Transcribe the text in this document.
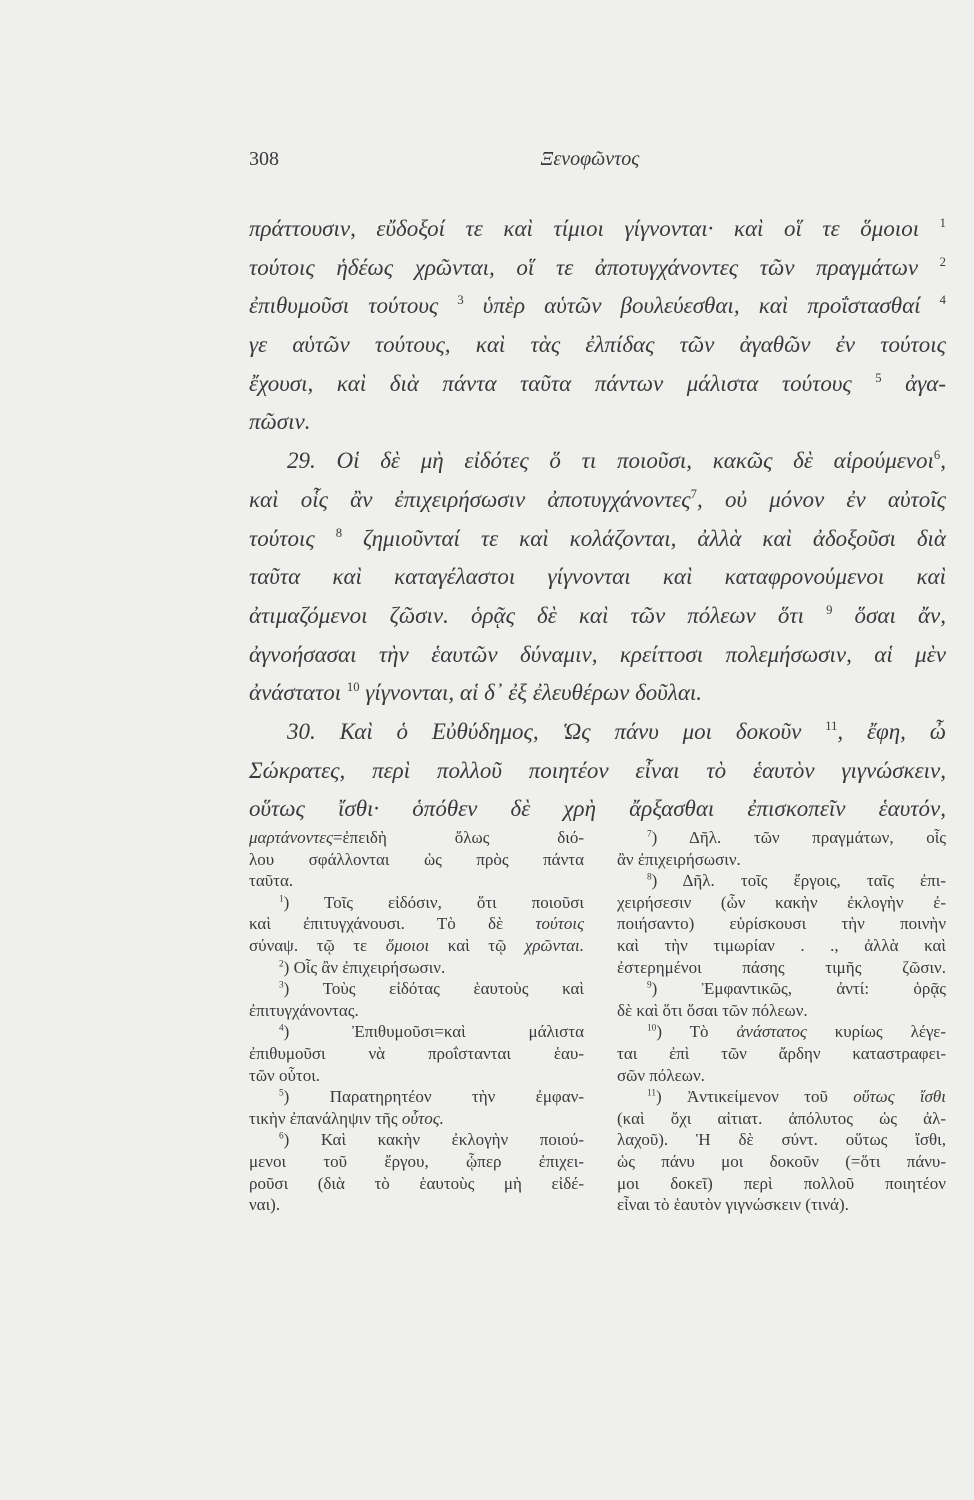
308	Ξενοφῶντος
πράττουσιν, εὔδοξοί τε καὶ τίμιοι γίγνονται· καὶ οἵ τε ὅμοιοι $^1$
τούτοις ἡδέως χρῶνται, οἵ τε ἀποτυγχάνοντες τῶν πραγμάτων $^2$
ἐπιθυμοῦσι τούτους $^3$ ὑπὲρ αὑτῶν βουλεύεσθαι, καὶ προΐστασθαί $^4$
γε αὑτῶν τούτους, καὶ τὰς ἐλπίδας τῶν ἀγαθῶν ἐν τούτοις
ἔχουσι, καὶ διὰ πάντα ταῦτα πάντων μάλιστα τούτους $^5$ ἀγα-
πῶσιν.
29. Οἱ δὲ μὴ εἰδότες ὅ τι ποιοῦσι, κακῶς δὲ αἱρούμενοι$^6$,
καὶ οἷς ἂν ἐπιχειρήσωσιν ἀποτυγχάνοντες$^7$, οὐ μόνον ἐν αὐτοῖς
τούτοις $^8$ ζημιοῦνταί τε καὶ κολάζονται, ἀλλὰ καὶ ἀδοξοῦσι διὰ
ταῦτα καὶ καταγέλαστοι γίγνονται καὶ καταφρονούμενοι καὶ
ἀτιμαζόμενοι ζῶσιν. ὁρᾷς δὲ καὶ τῶν πόλεων ὅτι $^9$ ὅσαι ἄν,
ἀγνοήσασαι τὴν ἑαυτῶν δύναμιν, κρείττοσι πολεμήσωσιν, αἱ μὲν
ἀνάστατοι $^{10}$ γίγνονται, αἱ δ᾽ ἐξ ἐλευθέρων δοῦλαι.
30. Καὶ ὁ Εὐθύδημος, Ὡς πάνυ μοι δοκοῦν $^{11}$, ἔφη, ὦ
Σώκρατες, περὶ πολλοῦ ποιητέον εἶναι τὸ ἑαυτὸν γιγνώσκειν,
οὕτως ἴσθι· ὁπόθεν δὲ χρὴ ἄρξασθαι ἐπισκοπεῖν ἑαυτόν,
μαρτάνοντες=ἐπειδὴ ὅλως διό-
λου σφάλλονται ὡς πρὸς πάντα
ταῦτα.
$^1$) Τοῖς εἰδόσιν, ὅτι ποιοῦσι
καὶ ἐπιτυγχάνουσι. Τὸ δὲ τούτοις
σύναψ. τῷ τε ὅμοιοι καὶ τῷ χρῶνται.
$^2$) Οἷς ἂν ἐπιχειρήσωσιν.
$^3$) Τοὺς εἰδότας ἑαυτοὺς καὶ
ἐπιτυγχάνοντας.
$^4$) Ἐπιθυμοῦσι=καὶ μάλιστα
ἐπιθυμοῦσι νὰ προΐστανται ἑαυ-
τῶν οὗτοι.
$^5$) Παρατηρητέον τὴν ἐμφαν-
τικὴν ἐπανάληψιν τῆς οὗτος.
$^6$) Καὶ κακὴν ἐκλογὴν ποιού-
μενοι τοῦ ἔργου, ᾧπερ ἐπιχει-
ροῦσι (διὰ τὸ ἑαυτοὺς μὴ εἰδέ-
ναι).
$^7$) Δῆλ. τῶν πραγμάτων, οἷς
ἂν ἐπιχειρήσωσιν.
$^8$) Δῆλ. τοῖς ἔργοις, ταῖς ἐπι-
χειρήσεσιν (ὧν κακὴν ἐκλογὴν ἐ-
ποιήσαντο) εὑρίσκουσι τὴν ποινὴν
καὶ τὴν τιμωρίαν . ., ἀλλὰ καὶ
ἐστερημένοι πάσης τιμῆς ζῶσιν.
$^9$) Ἐμφαντικῶς, ἀντί: ὁρᾷς
δὲ καὶ ὅτι ὅσαι τῶν πόλεων.
$^{10}$) Τὸ ἀνάστατος κυρίως λέγε-
ται ἐπὶ τῶν ἄρδην καταστραφει-
σῶν πόλεων.
$^{11}$) Ἀντικείμενον τοῦ οὕτως ἴσθι
(καὶ ὄχι αἰτιατ. ἀπόλυτος ὡς ἀλ-
λαχοῦ). Ἡ δὲ σύντ. οὕτως ἴσθι,
ὡς πάνυ μοι δοκοῦν (=ὅτι πάνυ-
μοι δοκεῖ) περὶ πολλοῦ ποιητέον
εἶναι τὸ ἑαυτὸν γιγνώσκειν (τινά).
